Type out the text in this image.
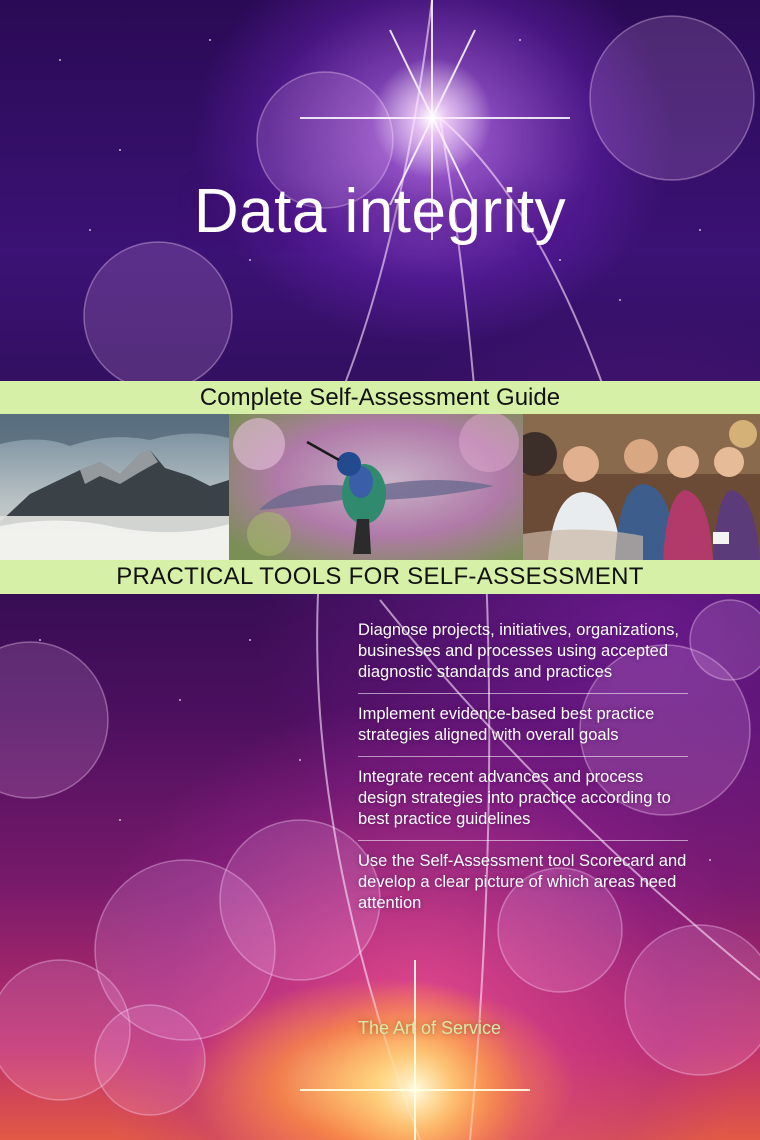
Data integrity
Complete Self-Assessment Guide
PRACTICAL TOOLS FOR SELF-ASSESSMENT
Diagnose projects, initiatives, organizations, businesses and processes using accepted diagnostic standards and practices
Implement evidence-based best practice strategies aligned with overall goals
Integrate recent advances and process design strategies into practice according to best practice guidelines
Use the Self-Assessment tool Scorecard and develop a clear picture of which areas need attention
The Art of Service
